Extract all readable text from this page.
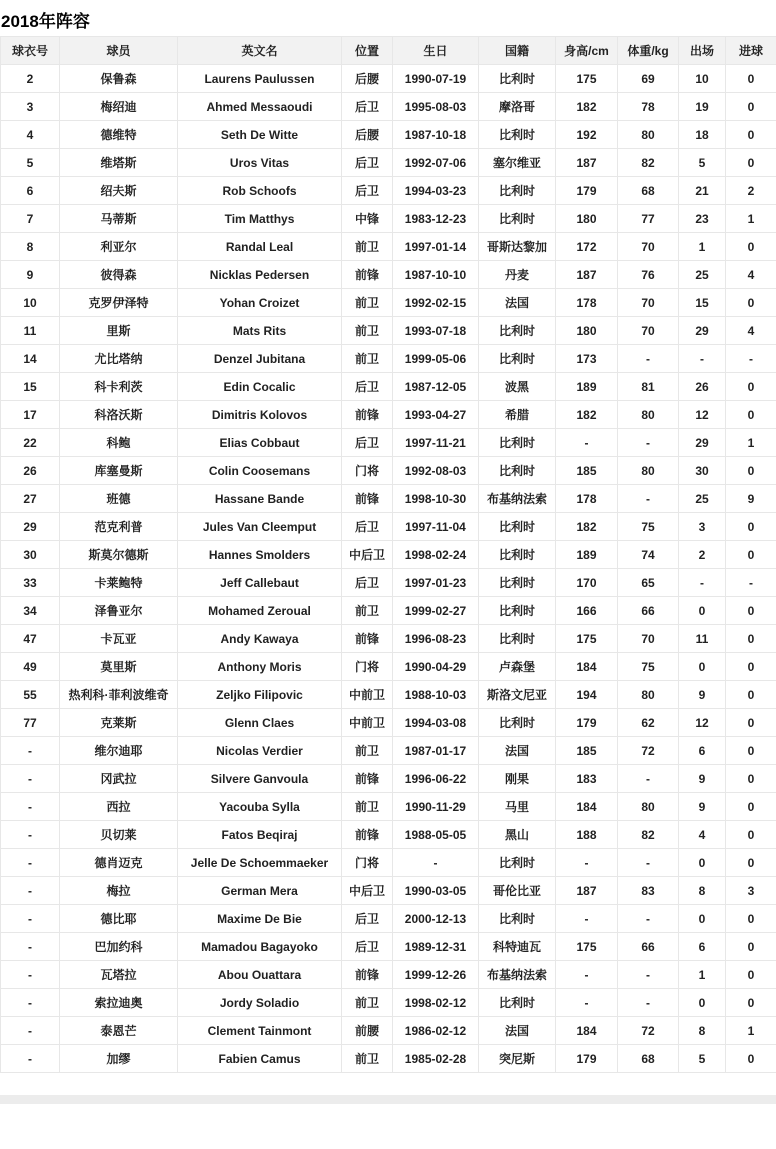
2018年阵容
球衣号	球员	英文名	位置	生日	国籍	身高/cm	体重/kg	出场	进球
2	保鲁森	Laurens Paulussen	后腰	1990-07-19	比利时	175	69	10	0
3	梅绍迪	Ahmed Messaoudi	后卫	1995-08-03	摩洛哥	182	78	19	0
4	德维特	Seth De Witte	后腰	1987-10-18	比利时	192	80	18	0
5	维塔斯	Uros Vitas	后卫	1992-07-06	塞尔维亚	187	82	5	0
6	绍夫斯	Rob Schoofs	后卫	1994-03-23	比利时	179	68	21	2
7	马蒂斯	Tim Matthys	中锋	1983-12-23	比利时	180	77	23	1
8	利亚尔	Randal Leal	前卫	1997-01-14	哥斯达黎加	172	70	1	0
9	彼得森	Nicklas Pedersen	前锋	1987-10-10	丹麦	187	76	25	4
10	克罗伊泽特	Yohan Croizet	前卫	1992-02-15	法国	178	70	15	0
11	里斯	Mats Rits	前卫	1993-07-18	比利时	180	70	29	4
14	尤比塔纳	Denzel Jubitana	前卫	1999-05-06	比利时	173	-	-	-
15	科卡利茨	Edin Cocalic	后卫	1987-12-05	波黑	189	81	26	0
17	科洛沃斯	Dimitris Kolovos	前锋	1993-04-27	希腊	182	80	12	0
22	科鲍	Elias Cobbaut	后卫	1997-11-21	比利时	-	-	29	1
26	库塞曼斯	Colin Coosemans	门将	1992-08-03	比利时	185	80	30	0
27	班德	Hassane Bande	前锋	1998-10-30	布基纳法索	178	-	25	9
29	范克利普	Jules Van Cleemput	后卫	1997-11-04	比利时	182	75	3	0
30	斯莫尔德斯	Hannes Smolders	中后卫	1998-02-24	比利时	189	74	2	0
33	卡莱鲍特	Jeff Callebaut	后卫	1997-01-23	比利时	170	65	-	-
34	泽鲁亚尔	Mohamed Zeroual	前卫	1999-02-27	比利时	166	66	0	0
47	卡瓦亚	Andy Kawaya	前锋	1996-08-23	比利时	175	70	11	0
49	莫里斯	Anthony Moris	门将	1990-04-29	卢森堡	184	75	0	0
55	热利科·菲利波维奇	Zeljko Filipovic	中前卫	1988-10-03	斯洛文尼亚	194	80	9	0
77	克莱斯	Glenn Claes	中前卫	1994-03-08	比利时	179	62	12	0
-	维尔迪耶	Nicolas Verdier	前卫	1987-01-17	法国	185	72	6	0
-	冈武拉	Silvere Ganvoula	前锋	1996-06-22	刚果	183	-	9	0
-	西拉	Yacouba Sylla	前卫	1990-11-29	马里	184	80	9	0
-	贝切莱	Fatos Beqiraj	前锋	1988-05-05	黑山	188	82	4	0
-	德肖迈克	Jelle De Schoemmaeker	门将	-	比利时	-	-	0	0
-	梅拉	German Mera	中后卫	1990-03-05	哥伦比亚	187	83	8	3
-	德比耶	Maxime De Bie	后卫	2000-12-13	比利时	-	-	0	0
-	巴加约科	Mamadou Bagayoko	后卫	1989-12-31	科特迪瓦	175	66	6	0
-	瓦塔拉	Abou Ouattara	前锋	1999-12-26	布基纳法索	-	-	1	0
-	索拉迪奥	Jordy Soladio	前卫	1998-02-12	比利时	-	-	0	0
-	泰恩芒	Clement Tainmont	前腰	1986-02-12	法国	184	72	8	1
-	加缪	Fabien Camus	前卫	1985-02-28	突尼斯	179	68	5	0
